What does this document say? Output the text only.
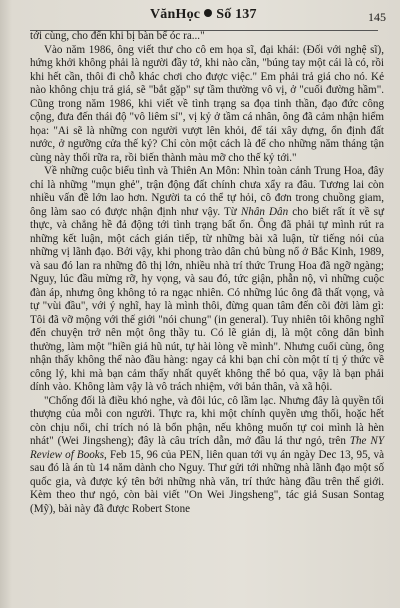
VănHọc Số 137	145

tới cùng, cho đến khi bị bàn bể óc ra..."

Vào năm 1986, ông viết thư cho cô em họa sĩ, đại khái: (Đối với nghệ sĩ), hứng khởi không phải là người đầy tớ, khi nào cần, "búng tay một cái là có, rồi khi hết cần, thôi đi chỗ khác chơi cho được việc." Em phải trả giá cho nó. Kẻ nào không chịu trả giá, sẽ "bắt gặp" sự tầm thường vô vị, ở "cuối đường hầm". Cũng trong năm 1986, khi viết về tình trạng sa đọa tinh thần, đạo đức công cộng, đưa đến thái độ "vô liêm sỉ", vị kỷ ở tầm cá nhân, ông đã cảm nhận hiểm họa: "Ai sẽ là những con người vượt lên khỏi, để tái xây dựng, ổn định đất nước, ở ngưỡng cửa thế kỷ? Chỉ còn một cách là để cho những năm tháng tận cùng này thối rữa ra, rồi biến thành màu mỡ cho thế kỷ tới."

Về những cuộc biểu tình và Thiên An Môn: Nhìn toàn cảnh Trung Hoa, đây chỉ là những "mụn ghẻ", trận động đất chính chưa xẩy ra đâu. Tương lai còn nhiều vấn đề lớn lao hơn. Người ta có thể tự hỏi, cô đơn trong chuồng giam, ông làm sao có được nhận định như vậy. Từ Nhân Dân cho biết rất ít về sự thực, và chẳng hề đả động tới tình trạng bất ổn. Ông đã phải tự mình rút ra những kết luận, một cách gián tiếp, từ những bài xã luận, từ tiếng nói của những vị lãnh đạo. Bởi vậy, khi phong trào dân chủ bùng nổ ở Bắc Kinh, 1989, và sau đó lan ra những đô thị lớn, nhiều nhà trí thức Trung Hoa đã ngỡ ngàng; Nguy, lúc đầu mừng rỡ, hy vọng, và sau đó, tức giận, phẫn nộ, vì những cuộc đàn áp, nhưng ông không tỏ ra ngạc nhiên. Có những lúc ông đã thất vọng, và tự "vùi đầu", với ý nghĩ, hay là mình thôi, đừng quan tâm đến cõi đời làm gì: Tôi đã vỡ mộng với thế giới "nói chung" (in general). Tuy nhiên tôi không nghĩ đến chuyện trở nên một ông thầy tu. Có lẽ giản dị, là một công dân bình thường, làm một "hiền giả hũ nút, tự hài lòng về mình". Nhưng cuối cùng, ông nhận thấy không thể nào đầu hàng: ngay cả khi bạn chỉ còn một tí tị ý thức về công lý, khi mà bạn cảm thấy nhất quyết không thể bỏ qua, vậy là bạn phải dính vào. Không làm vậy là vô trách nhiệm, với bản thân, và xã hội.

"Chống đối là điều khó nghe, và đôi lúc, cô lầm lạc. Nhưng đây là quyền tối thượng của mỗi con người. Thực ra, khi một chính quyền ưng thối, hoặc hết còn chịu nổi, chỉ trích nó là bổn phận, nếu không muốn tự coi mình là hèn nhát" (Wei Jingsheng); đây là câu trích dẫn, mở đầu lá thư ngỏ, trên The NY Review of Books, Feb 15, 96 của PEN, liên quan tới vụ án ngày Dec 13, 95, và sau đó là án tù 14 năm dành cho Nguy. Thư gửi tới những nhà lãnh đạo một số quốc gia, và được ký tên bởi những nhà văn, trí thức hàng đầu trên thế giới. Kèm theo thư ngỏ, còn bài viết "On Wei Jingsheng", tác giả Susan Sontag (Mỹ), bài này đã được Robert Stone
